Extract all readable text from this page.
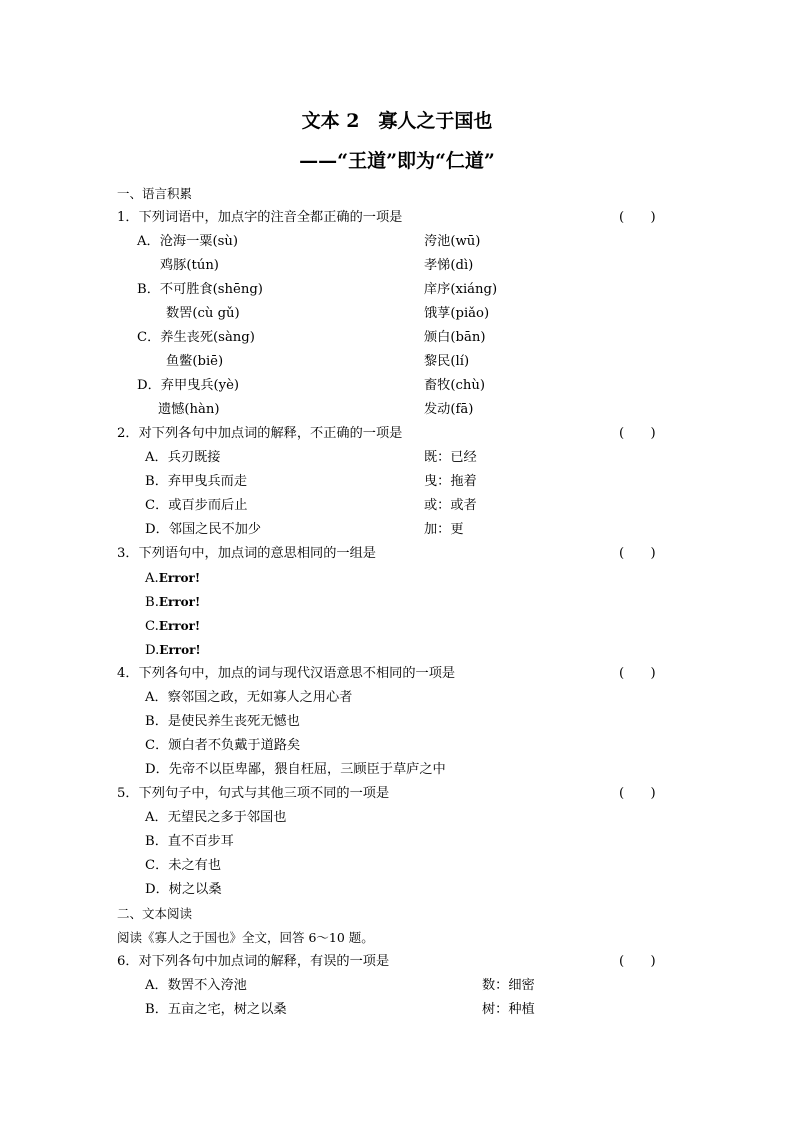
文本 2　寡人之于国也
——“王道”即为“仁道”
一、语言积累
1．下列词语中，加点字的注音全都正确的一项是	(　　)
A．沧海一粟(sù)	洿池(wū)
鸡豚(tún)	孝悌(dì)
B．不可胜食(shēng)	庠序(xiáng)
数罟(cù gǔ)	饿莩(piǎo)
C．养生丧死(sàng)	颁白(bān)
鱼鳖(biē)	黎民(lí)
D．弃甲曳兵(yè)	畜牧(chù)
遗憾(hàn)	发动(fā)
2．对下列各句中加点词的解释，不正确的一项是	(　　)
A．兵刃既接	既：已经
B．弃甲曳兵而走	曳：拖着
C．或百步而后止	或：或者
D．邻国之民不加少	加：更
3．下列语句中，加点词的意思相同的一组是	(　　)
A.Error!
B.Error!
C.Error!
D.Error!
4．下列各句中，加点的词与现代汉语意思不相同的一项是	(　　)
A．察邻国之政，无如寡人之用心者
B．是使民养生丧死无憾也
C．颁白者不负戴于道路矣
D．先帝不以臣卑鄙，猥自枉屈，三顾臣于草庐之中
5．下列句子中，句式与其他三项不同的一项是	(　　)
A．无望民之多于邻国也
B．直不百步耳
C．未之有也
D．树之以桑
二、文本阅读
阅读《寡人之于国也》全文，回答 6～10 题。
6．对下列各句中加点词的解释，有误的一项是	(　　)
A．数罟不入洿池	数：细密
B．五亩之宅，树之以桑	树：种植
